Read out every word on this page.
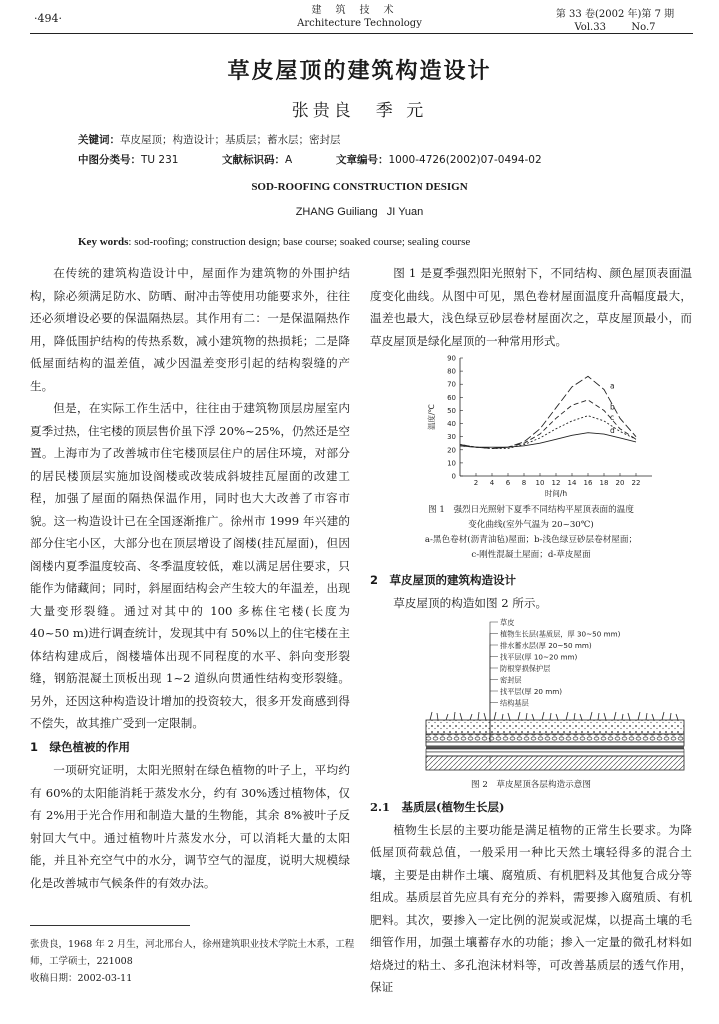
·494·
建筑技术
Architecture Technology
第 33 卷(2002 年)第 7 期
Vol.33        No.7
草皮屋顶的建筑构造设计
张贵良　季 元
关键词：草皮屋顶；构造设计；基质层；蓄水层；密封层
中图分类号：TU 231	文献标识码：A	文章编号：1000-4726(2002)07-0494-02
SOD-ROOFING CONSTRUCTION DESIGN
ZHANG Guiliang   JI Yuan
Key words: sod-roofing; construction design; base course; soaked course; sealing course

在传统的建筑构造设计中，屋面作为建筑物的外围护结构，除必须满足防水、防晒、耐冲击等使用功能要求外，往往还必须增设必要的保温隔热层。其作用有二：一是保温隔热作用，降低围护结构的传热系数，减小建筑物的热损耗；二是降低屋面结构的温差值，减少因温差变形引起的结构裂缝的产生。

但是，在实际工作生活中，往往由于建筑物顶层房屋室内夏季过热，住宅楼的顶层售价虽下浮 20%~25%，仍然还是空置。上海市为了改善城市住宅楼顶层住户的居住环境，对部分的居民楼顶层实施加设阁楼或改装成斜坡挂瓦屋面的改建工程，加强了屋面的隔热保温作用，同时也大大改善了市容市貌。这一构造设计已在全国逐渐推广。徐州市 1999 年兴建的部分住宅小区，大部分也在顶层增设了阁楼(挂瓦屋面)，但因阁楼内夏季温度较高、冬季温度较低，难以满足居住要求，只能作为储藏间；同时，斜屋面结构会产生较大的年温差，出现大量变形裂缝。通过对其中的 100 多栋住宅楼(长度为 40~50 m)进行调查统计，发现其中有 50%以上的住宅楼在主体结构建成后，阁楼墙体出现不同程度的水平、斜向变形裂缝，钢筋混凝土顶板出现 1~2 道纵向贯通性结构变形裂缝。另外，还因这种构造设计增加的投资较大，很多开发商感到得不偿失，故其推广受到一定限制。

1　绿色植被的作用

一项研究证明，太阳光照射在绿色植物的叶子上，平均约有 60%的太阳能消耗于蒸发水分，约有 30%透过植物体，仅有 2%用于光合作用和制造大量的生物能，其余 8%被叶子反射回大气中。通过植物叶片蒸发水分，可以消耗大量的太阳能，并且补充空气中的水分，调节空气的湿度，说明大规模绿化是改善城市气候条件的有效办法。

张贵良，1968 年 2 月生，河北邢台人，徐州建筑职业技术学院土木系，工程师，工学硕士，221008
收稿日期：2002-03-11

图 1 是夏季强烈阳光照射下，不同结构、颜色屋顶表面温度变化曲线。从图中可见，黑色卷材屋面温度升高幅度最大，温差也最大，浅色绿豆砂层卷材屋面次之，草皮屋顶最小，而草皮屋顶是绿化屋顶的一种常用形式。

0
10
20
30
40
50
60
70
80
90
2 4 6 8 10 12 14 16 18 20 22
时间/h
温度/℃
a
b
c
d
图 1　强烈日光照射下夏季不同结构平屋顶表面的温度
变化曲线(室外气温为 20~30℃)
a-黑色卷材(沥青油毡)屋面；b-浅色绿豆砂层卷材屋面；
c-刚性混凝土屋面；d-草皮屋面
2　草皮屋顶的建筑构造设计

草皮屋顶的构造如图 2 所示。

草皮
植物生长层(基质层，厚 30~50 mm)
排水蓄水层(厚 20~50 mm)
找平层(厚 10~20 mm)
防根穿损保护层
密封层
找平层(厚 20 mm)
结构基层
图 2　草皮屋顶各层构造示意图
2.1　基质层(植物生长层)

植物生长层的主要功能是满足植物的正常生长要求。为降低屋顶荷载总值，一般采用一种比天然土壤轻得多的混合土壤，主要是由耕作土壤、腐殖质、有机肥料及其他复合成分等组成。基质层首先应具有充分的养料，需要掺入腐殖质、有机肥料。其次，要掺入一定比例的泥炭或泥煤，以提高土壤的毛细管作用，加强土壤蓄存水的功能；掺入一定量的微孔材料如焙烧过的粘土、多孔泡沫材料等，可改善基质层的透气作用，保证
